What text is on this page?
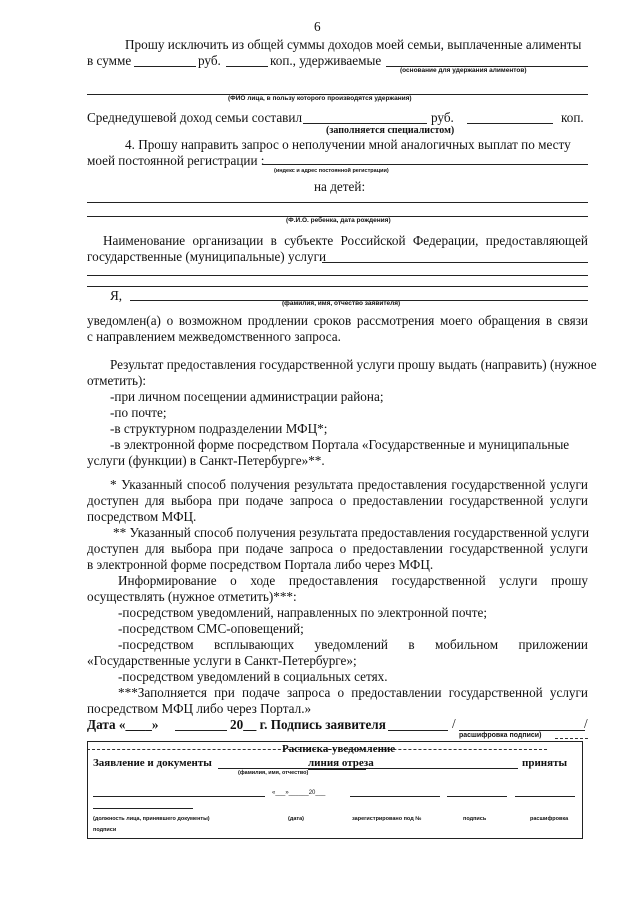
6
Прошу исключить из общей суммы доходов моей семьи, выплаченные алименты
в сумме	руб.	коп., удерживаемые
(основание для удержания алиментов)
(ФИО лица, в пользу которого производятся удержания)
Среднедушевой доход семьи составил	руб.	коп.
(заполняется специалистом)
4. Прошу направить запрос о неполучении мной аналогичных выплат по месту
моей постоянной регистрации :
(индекс и адрес постоянной регистрации)
на детей:
(Ф.И.О. ребенка, дата рождения)
Наименование организации в субъекте Российской Федерации, предоставляющей
государственные (муниципальные) услуги
Я,
(фамилия, имя, отчество заявителя)
уведомлен(а) о возможном продлении сроков рассмотрения моего обращения в связи
с направлением межведомственного запроса.
Результат предоставления государственной услуги прошу выдать (направить) (нужное
отметить):
-при личном посещении администрации района;
-по почте;
-в структурном подразделении МФЦ*;
-в электронной форме посредством Портала «Государственные и муниципальные
услуги (функции) в Санкт-Петербурге»**.
* Указанный способ получения результата предоставления государственной услуги
доступен для выбора при подаче запроса о предоставлении государственной услуги
посредством МФЦ.
** Указанный способ получения результата предоставления государственной услуги
доступен для выбора при подаче запроса о предоставлении государственной услуги
в электронной форме посредством Портала либо через МФЦ.
Информирование о ходе предоставления государственной услуги прошу
осуществлять (нужное отметить)***:
-посредством уведомлений, направленных по электронной почте;
-посредством СМС-оповещений;
-посредством всплывающих уведомлений в мобильном приложении
«Государственные услуги в Санкт-Петербурге»;
-посредством уведомлений в социальных сетях.
***Заполняется при подаче запроса о предоставлении государственной услуги
посредством МФЦ либо через Портал.»
Дата «____»	20__ г. Подпись заявителя	/	/
расшифровка подписи)
линия отреза
Расписка-уведомление
Заявление и документы	приняты
(фамилия, имя, отчество)
«___»______20___
(должность лица, принявшего документы)	(дата)	зарегистрировано под №	подпись	расшифровка
подписи
